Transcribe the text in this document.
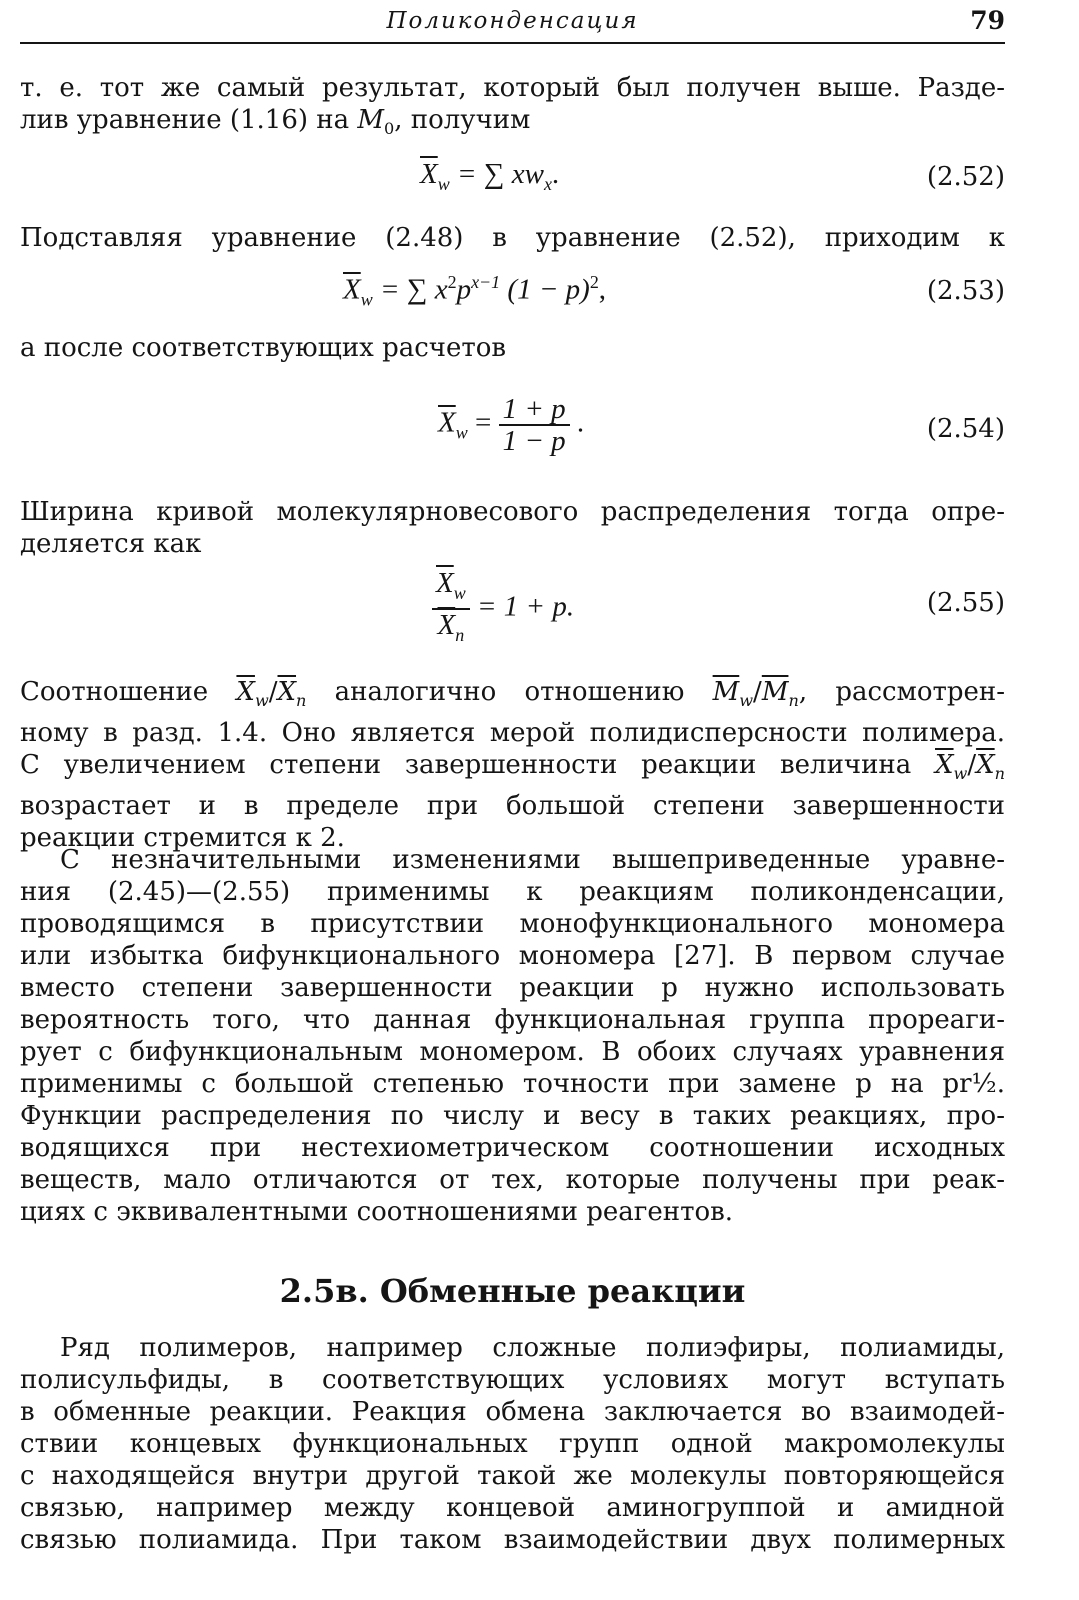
Поликонденсация	79
т. е. тот же самый результат, который был получен выше. Разде-
лив уравнение (1.16) на $M_0$, получим
$\overline{X}_w$ = ∑ $xw_x$.	(2.52)
Подставляя уравнение (2.48) в уравнение (2.52), приходим к
$\overline{X}_w$ = ∑ $x^2p^{x-1}$ $(1 - p)^2$,	(2.53)
а после соответствующих расчетов
$\overline{X}_w = \frac{1 + p}{1 - p}$ .	(2.54)
Ширина кривой молекулярновесового распределения тогда опре-
деляется как
$\frac{\overline{X}_w}{\overline{X}_n} = 1 + p$.	(2.55)
Соотношение $\overline{X}_w/\overline{X}_n$ аналогично отношению $\overline{M}_w/\overline{M}_n$, рассмотрен-
ному в разд. 1.4. Оно является мерой полидисперсности полимера.
С увеличением степени завершенности реакции величина $\overline{X}_w/\overline{X}_n$
возрастает и в пределе при большой степени завершенности
реакции стремится к 2.
С незначительными изменениями вышеприведенные уравне-
ния (2.45)—(2.55) применимы к реакциям поликонденсации,
проводящимся в присутствии монофункционального мономера
или избытка бифункционального мономера [27]. В первом случае
вместо степени завершенности реакции p нужно использовать
вероятность того, что данная функциональная группа прореаги-
рует с бифункциональным мономером. В обоих случаях уравнения
применимы с большой степенью точности при замене p на pr½.
Функции распределения по числу и весу в таких реакциях, про-
водящихся при нестехиометрическом соотношении исходных
веществ, мало отличаются от тех, которые получены при реак-
циях с эквивалентными соотношениями реагентов.
2.5в. Обменные реакции
Ряд полимеров, например сложные полиэфиры, полиамиды,
полисульфиды, в соответствующих условиях могут вступать
в обменные реакции. Реакция обмена заключается во взаимодей-
ствии концевых функциональных групп одной макромолекулы
с находящейся внутри другой такой же молекулы повторяющейся
связью, например между концевой аминогруппой и амидной
связью полиамида. При таком взаимодействии двух полимерных
